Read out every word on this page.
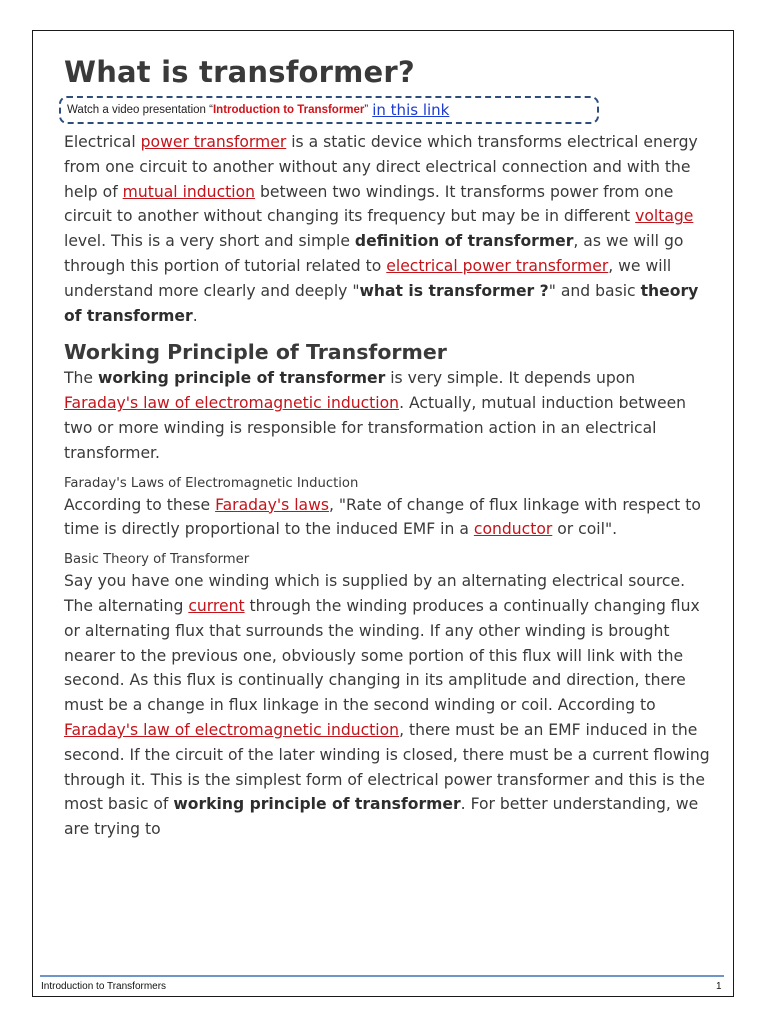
What is transformer?
Watch a video presentation “ Introduction to Transformer ” in this link

Electrical power transformer is a static device which transforms electrical energy from one circuit to another without any direct electrical connection and with the help of mutual induction between two windings. It transforms power from one circuit to another without changing its frequency but may be in different voltage level. This is a very short and simple definition of transformer, as we will go through this portion of tutorial related to electrical power transformer, we will understand more clearly and deeply "what is transformer ?" and basic theory of transformer.

Working Principle of Transformer

The working principle of transformer is very simple. It depends upon Faraday's law of electromagnetic induction. Actually, mutual induction between two or more winding is responsible for transformation action in an electrical transformer.

Faraday's Laws of Electromagnetic Induction

According to these Faraday's laws, "Rate of change of flux linkage with respect to time is directly proportional to the induced EMF in a conductor or coil".

Basic Theory of Transformer

Say you have one winding which is supplied by an alternating electrical source. The alternating current through the winding produces a continually changing flux or alternating flux that surrounds the winding. If any other winding is brought nearer to the previous one, obviously some portion of this flux will link with the second. As this flux is continually changing in its amplitude and direction, there must be a change in flux linkage in the second winding or coil. According to Faraday's law of electromagnetic induction, there must be an EMF induced in the second. If the circuit of the later winding is closed, there must be a current flowing through it. This is the simplest form of electrical power transformer and this is the most basic of working principle of transformer. For better understanding, we are trying to

Introduction to Transformers	1
